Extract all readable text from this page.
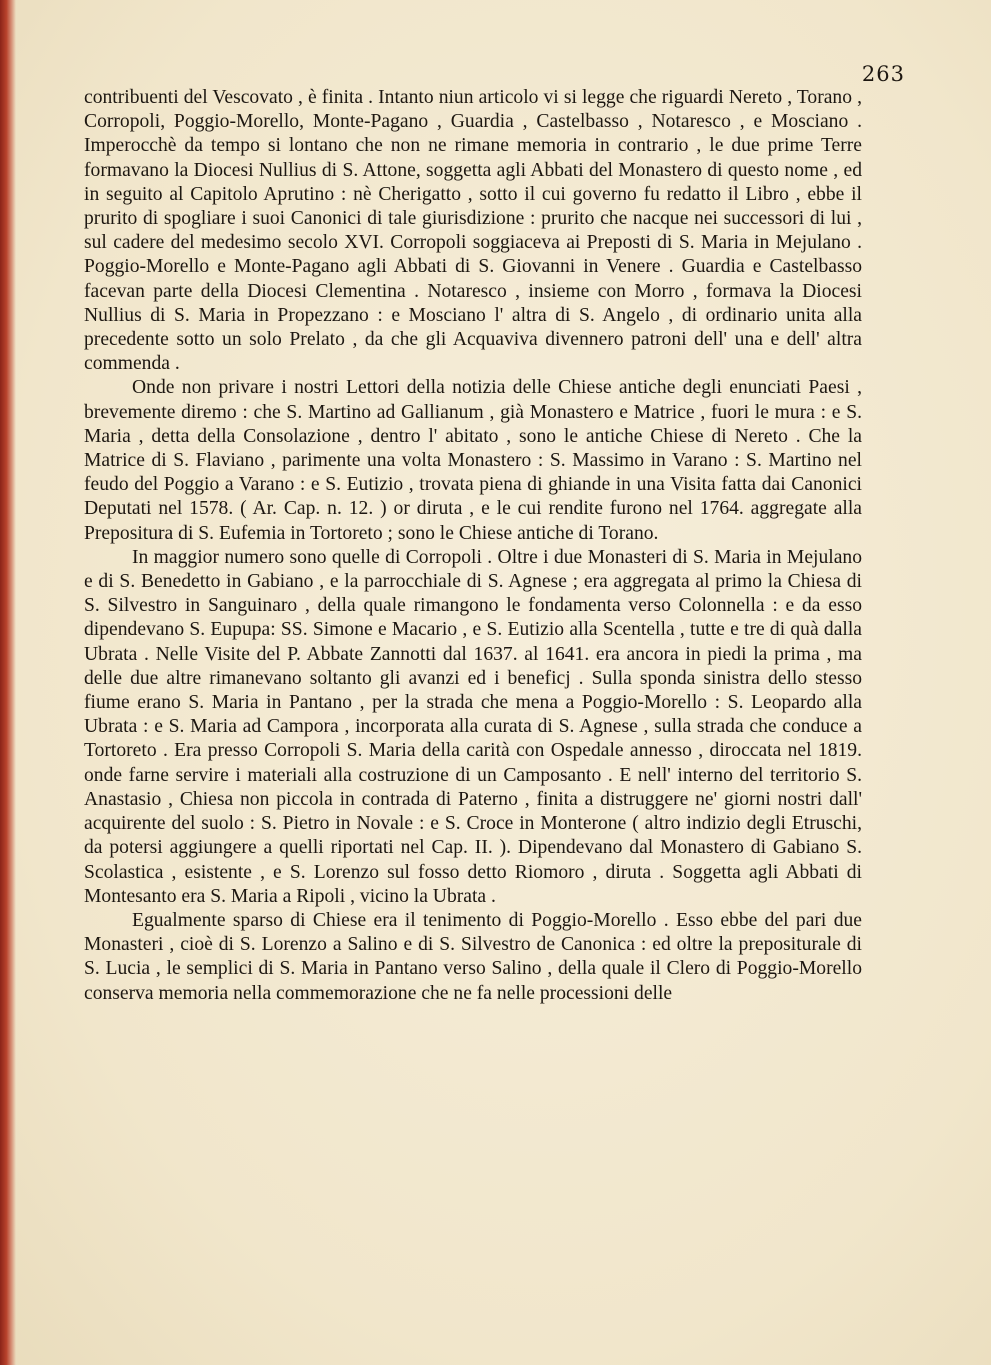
263

contribuenti del Vescovato , è finita . Intanto niun articolo vi si legge che riguardi Nereto , Torano , Corropoli, Poggio-Morello, Monte-Pagano , Guardia , Castelbasso , Notaresco , e Mosciano . Imperocchè da tempo si lontano che non ne rimane memoria in contrario , le due prime Terre formavano la Diocesi Nullius di S. Attone, soggetta agli Abbati del Monastero di questo nome , ed in seguito al Capitolo Aprutino : nè Cherigatto , sotto il cui governo fu redatto il Libro , ebbe il prurito di spogliare i suoi Canonici di tale giurisdizione : prurito che nacque nei successori di lui , sul cadere del medesimo secolo XVI. Corropoli soggiaceva ai Preposti di S. Maria in Mejulano . Poggio-Morello e Monte-Pagano agli Abbati di S. Giovanni in Venere . Guardia e Castelbasso facevan parte della Diocesi Clementina . Notaresco , insieme con Morro , formava la Diocesi Nullius di S. Maria in Propezzano : e Mosciano l' altra di S. Angelo , di ordinario unita alla precedente sotto un solo Prelato , da che gli Acquaviva divennero patroni dell' una e dell' altra commenda .

Onde non privare i nostri Lettori della notizia delle Chiese antiche degli enunciati Paesi , brevemente diremo : che S. Martino ad Gallianum , già Monastero e Matrice , fuori le mura : e S. Maria , detta della Consolazione , dentro l' abitato , sono le antiche Chiese di Nereto . Che la Matrice di S. Flaviano , parimente una volta Monastero : S. Massimo in Varano : S. Martino nel feudo del Poggio a Varano : e S. Eutizio , trovata piena di ghiande in una Visita fatta dai Canonici Deputati nel 1578. ( Ar. Cap. n. 12. ) or diruta , e le cui rendite furono nel 1764. aggregate alla Prepositura di S. Eufemia in Tortoreto ; sono le Chiese antiche di Torano.

In maggior numero sono quelle di Corropoli . Oltre i due Monasteri di S. Maria in Mejulano e di S. Benedetto in Gabiano , e la parrocchiale di S. Agnese ; era aggregata al primo la Chiesa di S. Silvestro in Sanguinaro , della quale rimangono le fondamenta verso Colonnella : e da esso dipendevano S. Eupupa: SS. Simone e Macario , e S. Eutizio alla Scentella , tutte e tre di quà dalla Ubrata . Nelle Visite del P. Abbate Zannotti dal 1637. al 1641. era ancora in piedi la prima , ma delle due altre rimanevano soltanto gli avanzi ed i beneficj . Sulla sponda sinistra dello stesso fiume erano S. Maria in Pantano , per la strada che mena a Poggio-Morello : S. Leopardo alla Ubrata : e S. Maria ad Campora , incorporata alla curata di S. Agnese , sulla strada che conduce a Tortoreto . Era presso Corropoli S. Maria della carità con Ospedale annesso , diroccata nel 1819. onde farne servire i materiali alla costruzione di un Camposanto . E nell' interno del territorio S. Anastasio , Chiesa non piccola in contrada di Paterno , finita a distruggere ne' giorni nostri dall' acquirente del suolo : S. Pietro in Novale : e S. Croce in Monterone ( altro indizio degli Etruschi, da potersi aggiungere a quelli riportati nel Cap. II. ). Dipendevano dal Monastero di Gabiano S. Scolastica , esistente , e S. Lorenzo sul fosso detto Riomoro , diruta . Soggetta agli Abbati di Montesanto era S. Maria a Ripoli , vicino la Ubrata .

Egualmente sparso di Chiese era il tenimento di Poggio-Morello . Esso ebbe del pari due Monasteri , cioè di S. Lorenzo a Salino e di S. Silvestro de Canonica : ed oltre la prepositurale di S. Lucia , le semplici di S. Maria in Pantano verso Salino , della quale il Clero di Poggio-Morello conserva memoria nella commemorazione che ne fa nelle processioni delle
